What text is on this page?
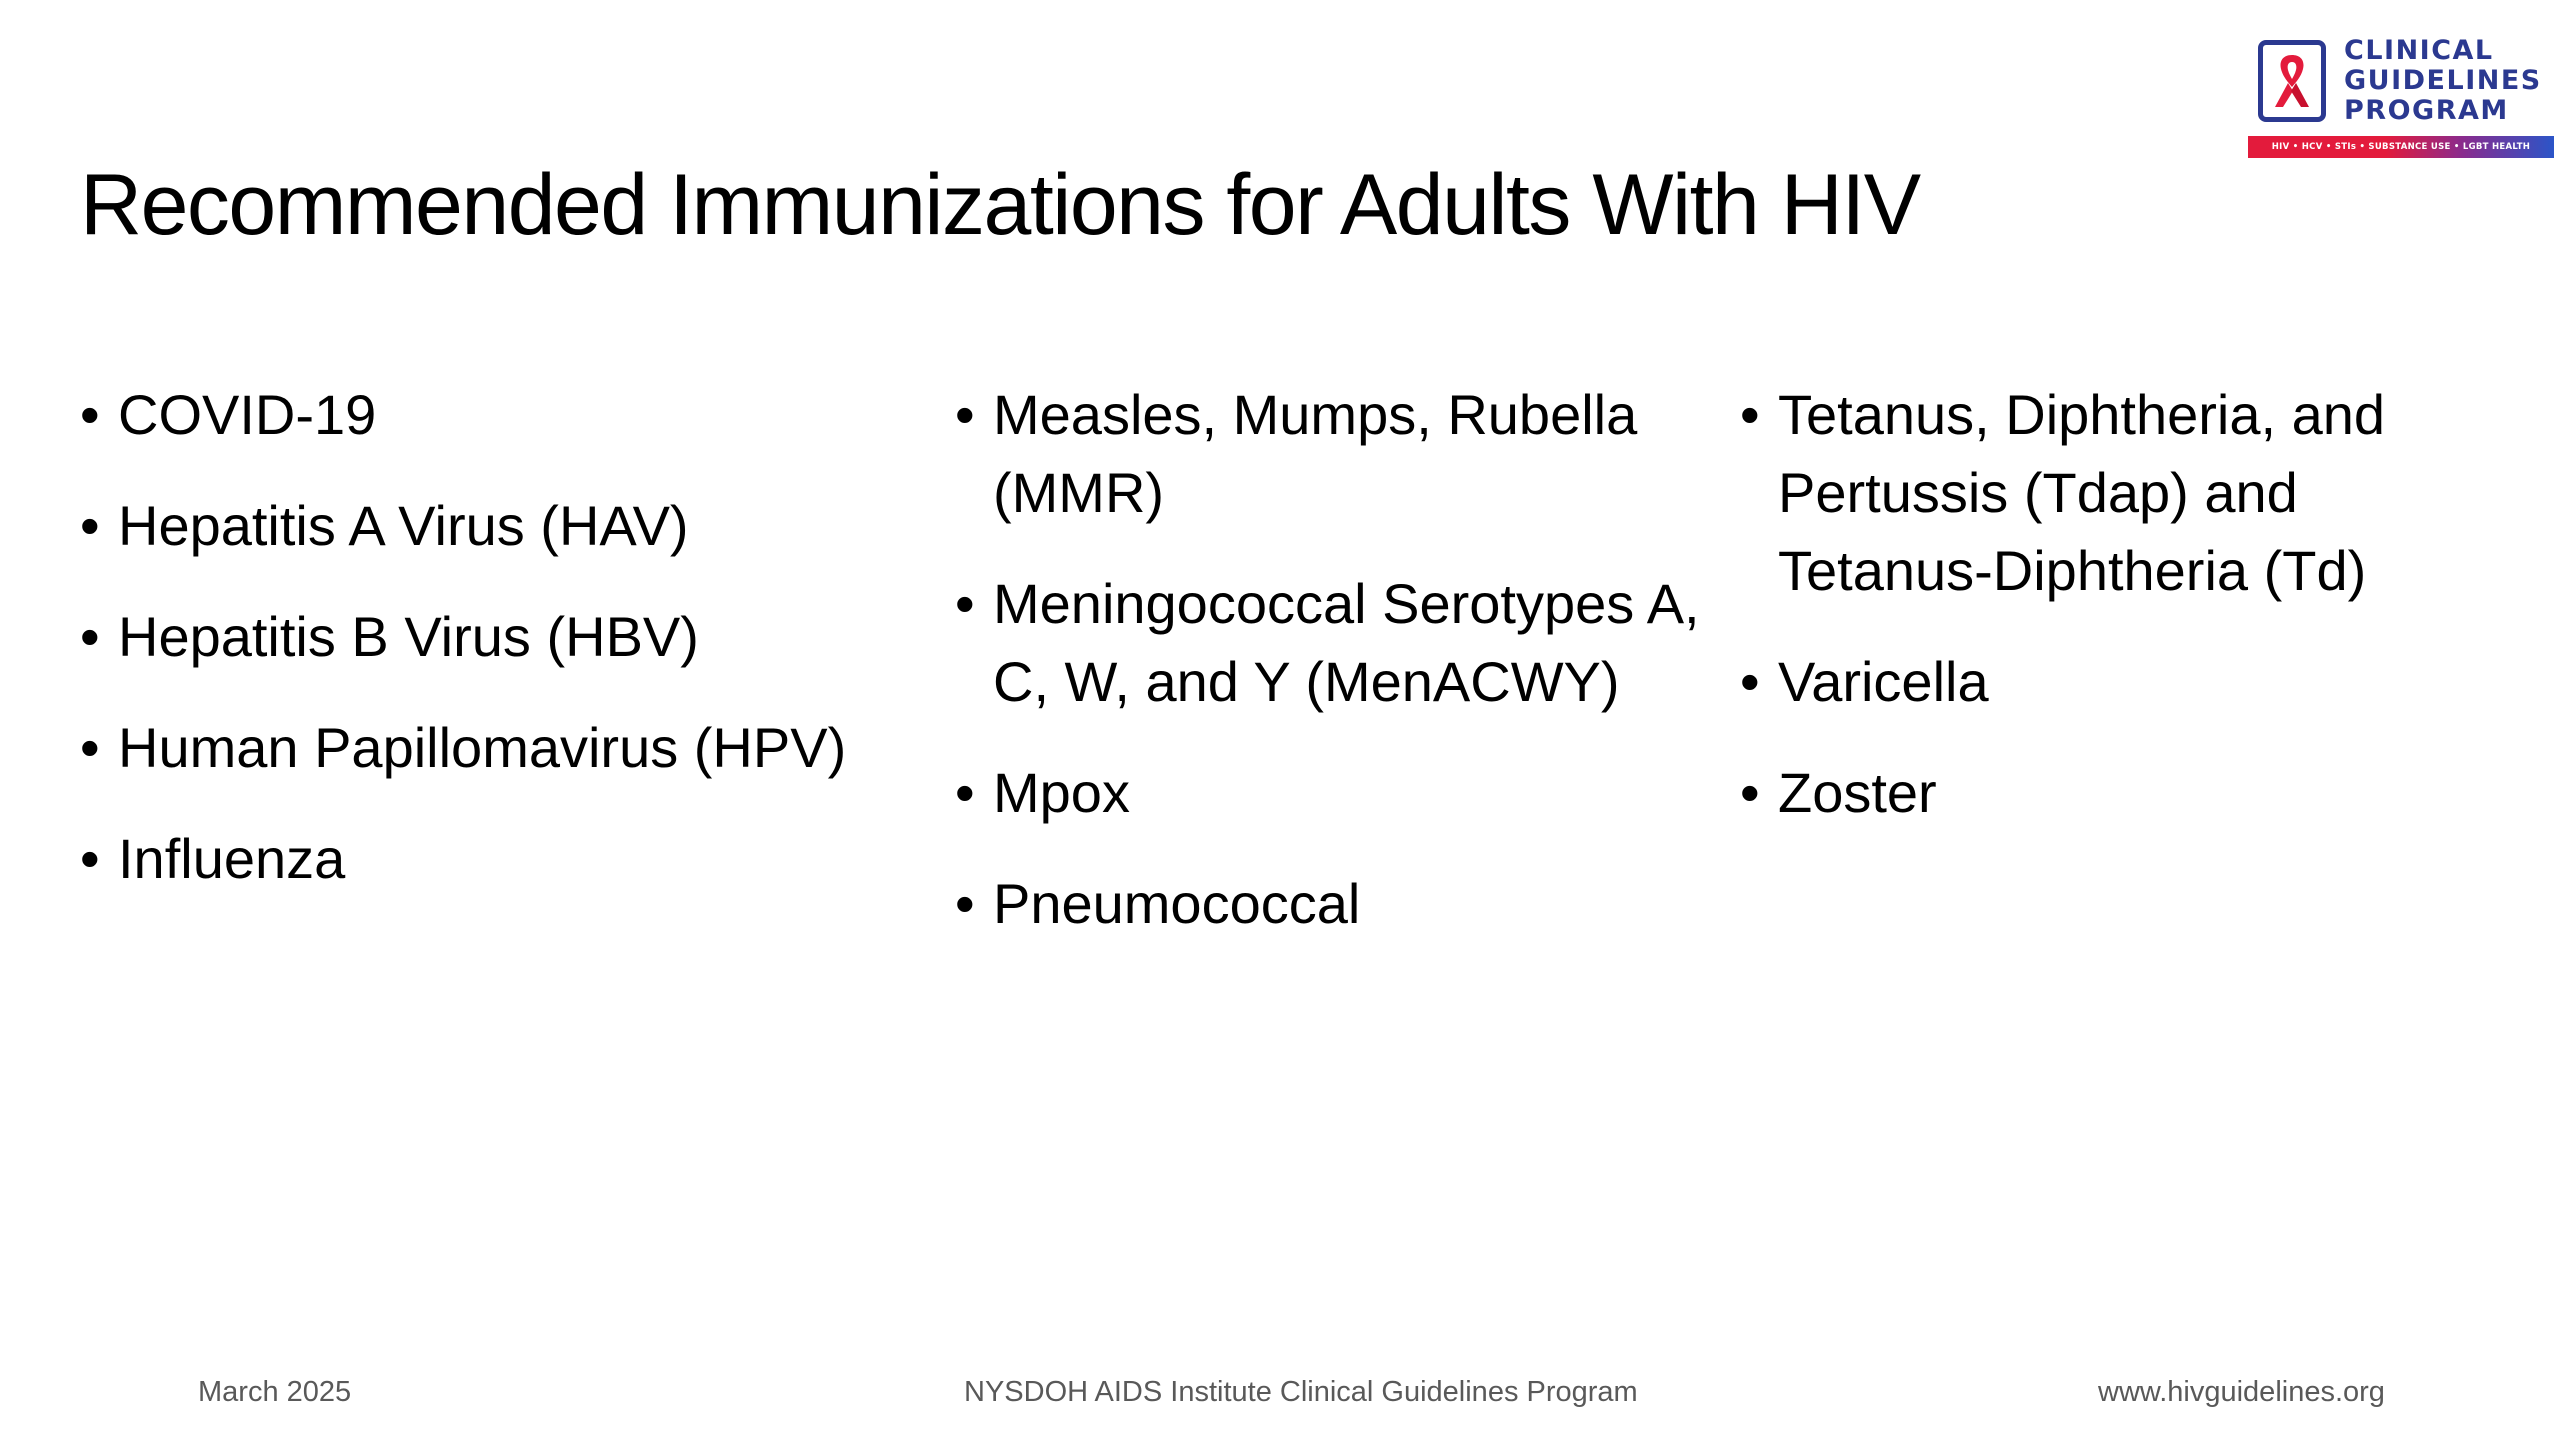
CLINICAL
GUIDELINES
PROGRAM
HIV • HCV • STIs • SUBSTANCE USE • LGBT HEALTH
Recommended Immunizations for Adults With HIV
• COVID-19
• Hepatitis A Virus (HAV)
• Hepatitis B Virus (HBV)
• Human Papillomavirus (HPV)
• Influenza
• Measles, Mumps, Rubella (MMR)
• Meningococcal Serotypes A, C, W, and Y (MenACWY)
• Mpox
• Pneumococcal
• Tetanus, Diphtheria, and Pertussis (Tdap) and Tetanus-Diphtheria (Td)
• Varicella
• Zoster
March 2025	NYSDOH AIDS Institute Clinical Guidelines Program	www.hivguidelines.org
